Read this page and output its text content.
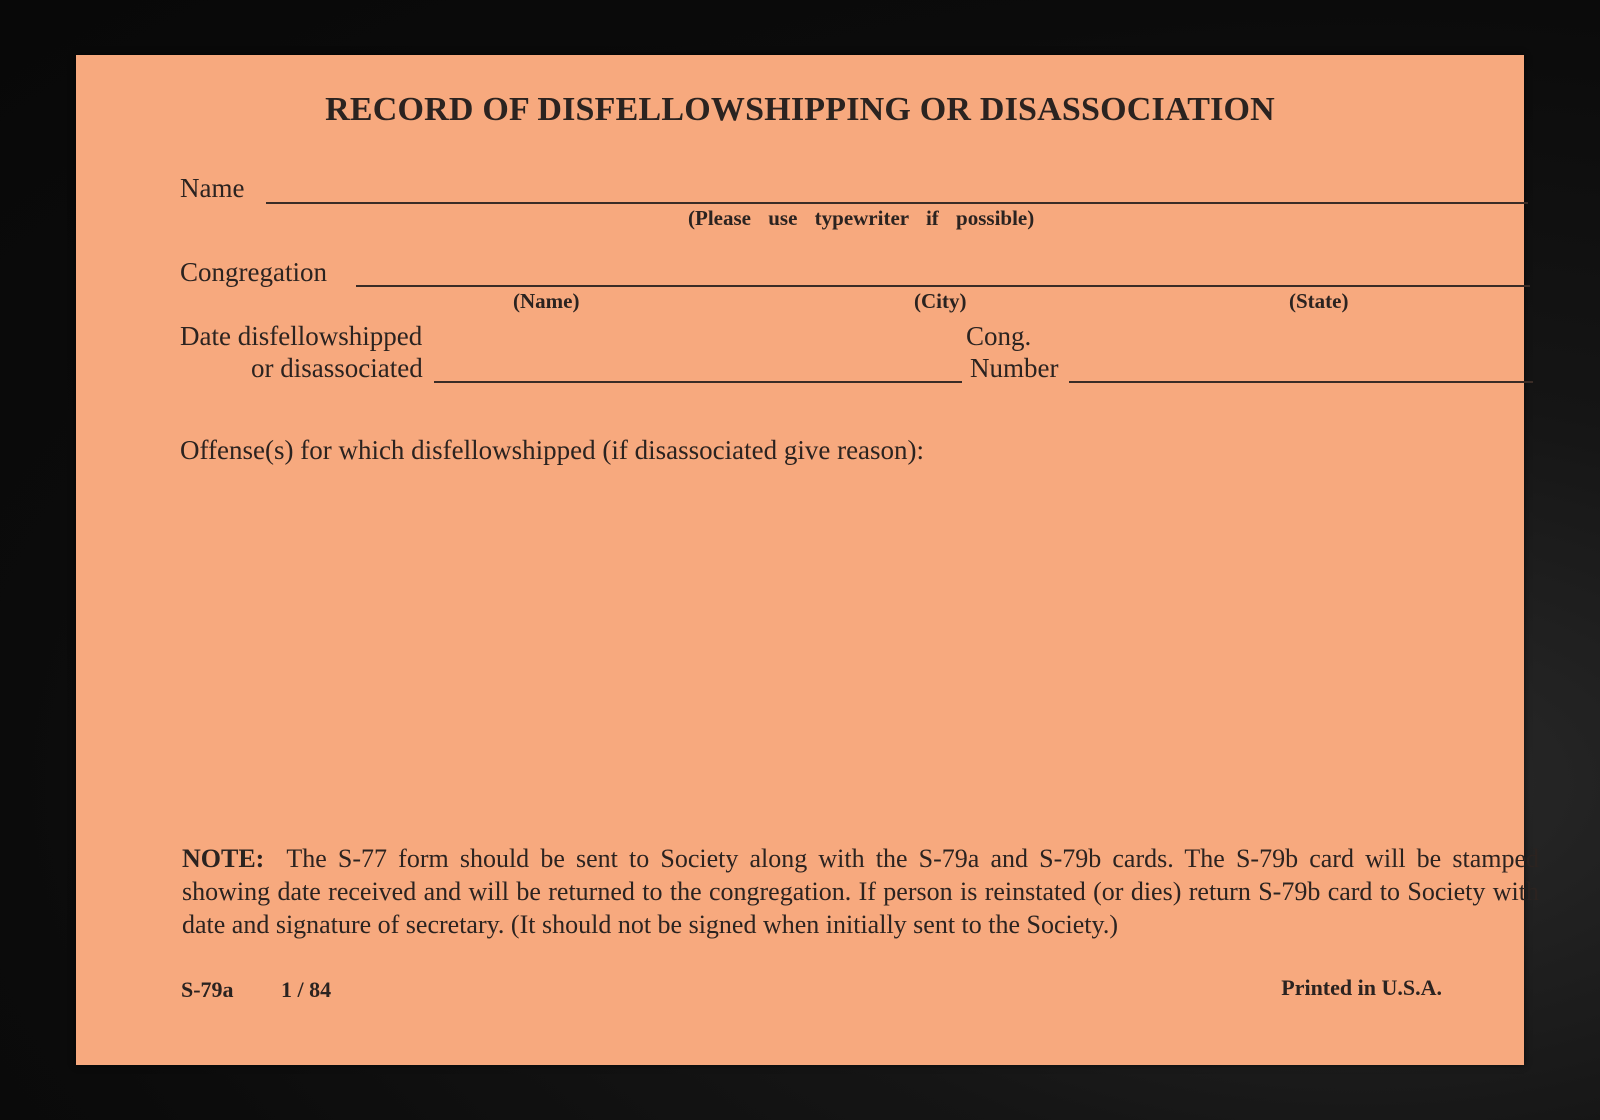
RECORD OF DISFELLOWSHIPPING OR DISASSOCIATION
Name
(Please use typewriter if possible)
Congregation
(Name)	(City)	(State)
Date disfellowshipped
or disassociated
Cong.
Number
Offense(s) for which disfellowshipped (if disassociated give reason):
NOTE: The S-77 form should be sent to Society along with the S-79a and S-79b cards. The S-79b card will be stamped showing date received and will be returned to the congregation. If person is reinstated (or dies) return S-79b card to Society with date and signature of secretary. (It should not be signed when initially sent to the Society.)
S-79a 1 / 84	Printed in U.S.A.
